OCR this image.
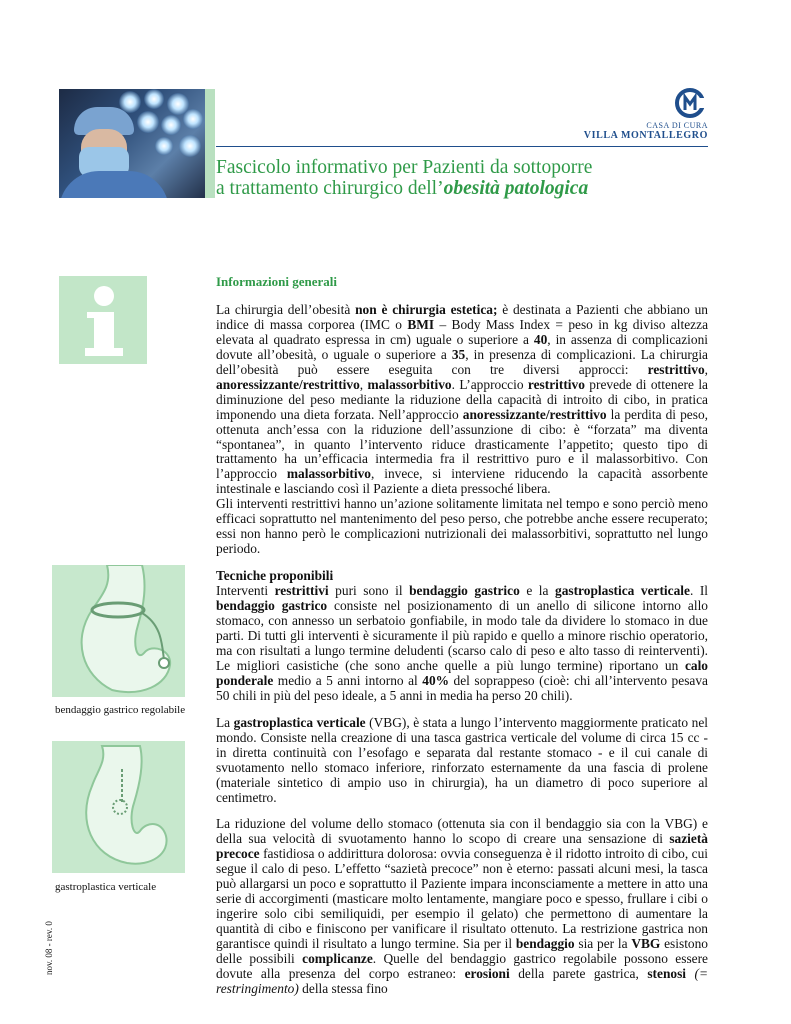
CASA DI CURA
VILLA MONTALLEGRO
Fascicolo informativo per Pazienti da sottoporre
a trattamento chirurgico dell’obesità patologica

Informazioni generali

La chirurgia dell’obesità non è chirurgia estetica; è destinata a Pazienti che abbiano un indice di massa corporea (IMC o BMI – Body Mass Index = peso in kg diviso altezza elevata al quadrato espressa in cm) uguale o superiore a 40, in assenza di complicazioni dovute all’obesità, o uguale o superiore a 35, in presenza di complicazioni. La chirurgia dell’obesità può essere eseguita con tre diversi approcci: restrittivo, anoressizzante/restrittivo, malassorbitivo. L’approccio restrittivo prevede di ottenere la diminuzione del peso mediante la riduzione della capacità di introito di cibo, in pratica imponendo una dieta forzata. Nell’approccio anoressizzante/restrittivo la perdita di peso, ottenuta anch’essa con la riduzione dell’assunzione di cibo: è “forzata” ma diventa “spontanea”, in quanto l’intervento riduce drasticamente l’appetito; questo tipo di trattamento ha un’efficacia intermedia fra il restrittivo puro e il malassorbitivo. Con l’approccio malassorbitivo, invece, si interviene riducendo la capacità assorbente intestinale e lasciando così il Paziente a dieta pressoché libera.
Gli interventi restrittivi hanno un’azione solitamente limitata nel tempo e sono perciò meno efficaci soprattutto nel mantenimento del peso perso, che potrebbe anche essere recuperato; essi non hanno però le complicazioni nutrizionali dei malassorbitivi, soprattutto nel lungo periodo.

Tecniche proponibili

Interventi restrittivi puri sono il bendaggio gastrico e la gastroplastica verticale. Il bendaggio gastrico consiste nel posizionamento di un anello di silicone intorno allo stomaco, con annesso un serbatoio gonfiabile, in modo tale da dividere lo stomaco in due parti. Di tutti gli interventi è sicuramente il più rapido e quello a minore rischio operatorio, ma con risultati a lungo termine deludenti (scarso calo di peso e alto tasso di reinterventi). Le migliori casistiche (che sono anche quelle a più lungo termine) riportano un calo ponderale medio a 5 anni intorno al 40% del soprappeso (cioè: chi all’intervento pesava 50 chili in più del peso ideale, a 5 anni in media ha perso 20 chili).

La gastroplastica verticale (VBG), è stata a lungo l’intervento maggiormente praticato nel mondo. Consiste nella creazione di una tasca gastrica verticale del volume di circa 15 cc - in diretta continuità con l’esofago e separata dal restante stomaco - e il cui canale di svuotamento nello stomaco inferiore, rinforzato esternamente da una fascia di prolene (materiale sintetico di ampio uso in chirurgia), ha un diametro di poco superiore al centimetro.

La riduzione del volume dello stomaco (ottenuta sia con il bendaggio sia con la VBG) e della sua velocità di svuotamento hanno lo scopo di creare una sensazione di sazietà precoce fastidiosa o addirittura dolorosa: ovvia conseguenza è il ridotto introito di cibo, cui segue il calo di peso. L’effetto “sazietà precoce” non è eterno: passati alcuni mesi, la tasca può allargarsi un poco e soprattutto il Paziente impara inconsciamente a mettere in atto una serie di accorgimenti (masticare molto lentamente, mangiare poco e spesso, frullare i cibi o ingerire solo cibi semiliquidi, per esempio il gelato) che permettono di aumentare la quantità di cibo e finiscono per vanificare il risultato ottenuto. La restrizione gastrica non garantisce quindi il risultato a lungo termine. Sia per il bendaggio sia per la VBG esistono delle possibili complicanze. Quelle del bendaggio gastrico regolabile possono essere dovute alla presenza del corpo estraneo: erosioni della parete gastrica, stenosi (= restringimento) della stessa fino

bendaggio gastrico regolabile
gastroplastica verticale
nov. 08 - rev. 0
